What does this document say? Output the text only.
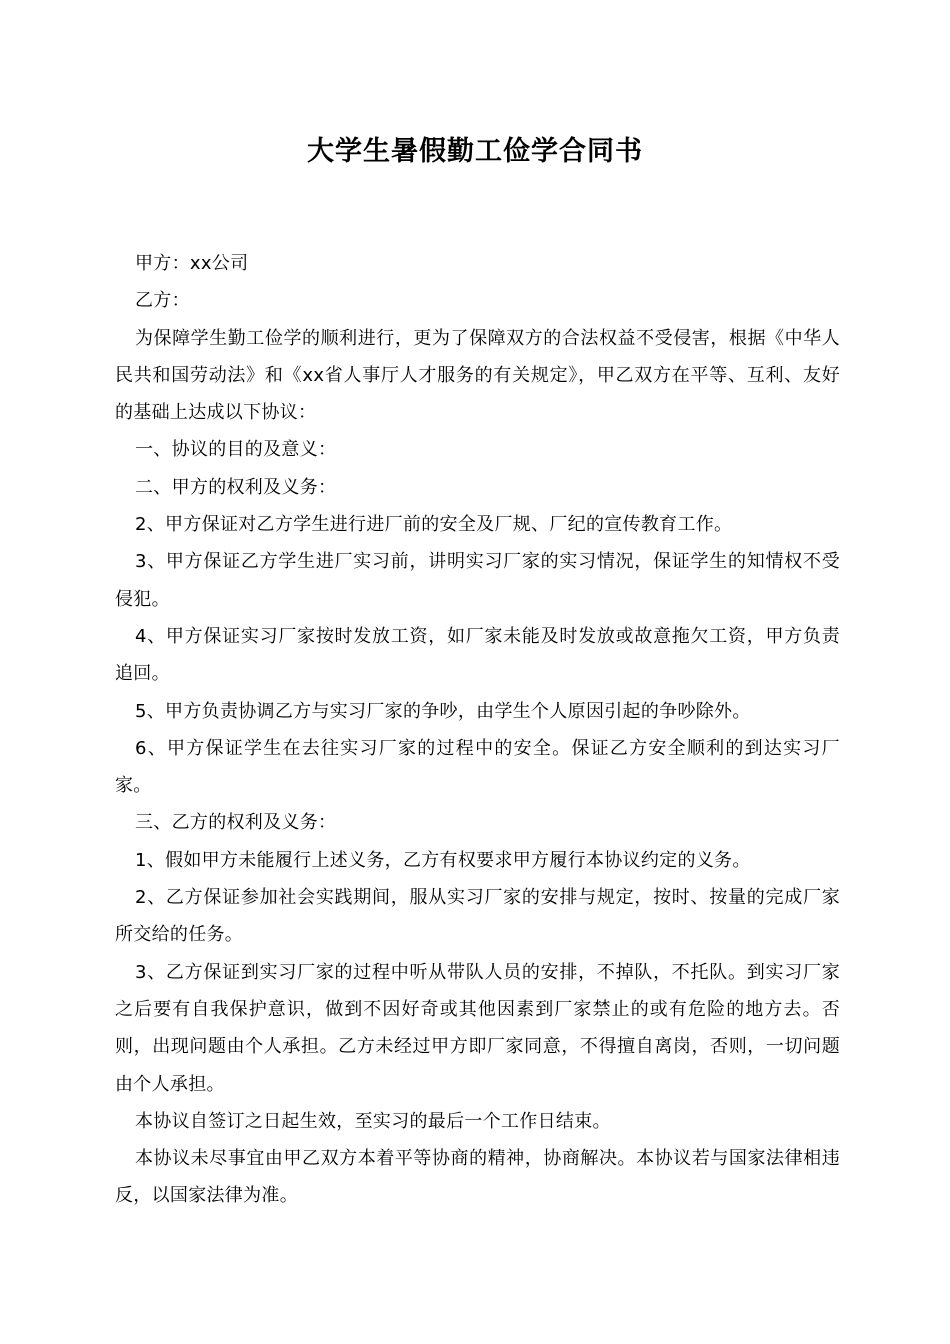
大学生暑假勤工俭学合同书

甲方：xx公司

乙方：

为保障学生勤工俭学的顺利进行，更为了保障双方的合法权益不受侵害，根据《中华人民共和国劳动法》和《xx省人事厅人才服务的有关规定》，甲乙双方在平等、互利、友好的基础上达成以下协议：

一、协议的目的及意义：

二、甲方的权利及义务：

2、甲方保证对乙方学生进行进厂前的安全及厂规、厂纪的宣传教育工作。

3、甲方保证乙方学生进厂实习前，讲明实习厂家的实习情况，保证学生的知情权不受侵犯。

4、甲方保证实习厂家按时发放工资，如厂家未能及时发放或故意拖欠工资，甲方负责追回。

5、甲方负责协调乙方与实习厂家的争吵，由学生个人原因引起的争吵除外。

6、甲方保证学生在去往实习厂家的过程中的安全。保证乙方安全顺利的到达实习厂家。

三、乙方的权利及义务：

1、假如甲方未能履行上述义务，乙方有权要求甲方履行本协议约定的义务。

2、乙方保证参加社会实践期间，服从实习厂家的安排与规定，按时、按量的完成厂家所交给的任务。

3、乙方保证到实习厂家的过程中听从带队人员的安排，不掉队，不托队。到实习厂家之后要有自我保护意识，做到不因好奇或其他因素到厂家禁止的或有危险的地方去。否则，出现问题由个人承担。乙方未经过甲方即厂家同意，不得擅自离岗，否则，一切问题由个人承担。

本协议自签订之日起生效，至实习的最后一个工作日结束。

本协议未尽事宜由甲乙双方本着平等协商的精神，协商解决。本协议若与国家法律相违反，以国家法律为准。
